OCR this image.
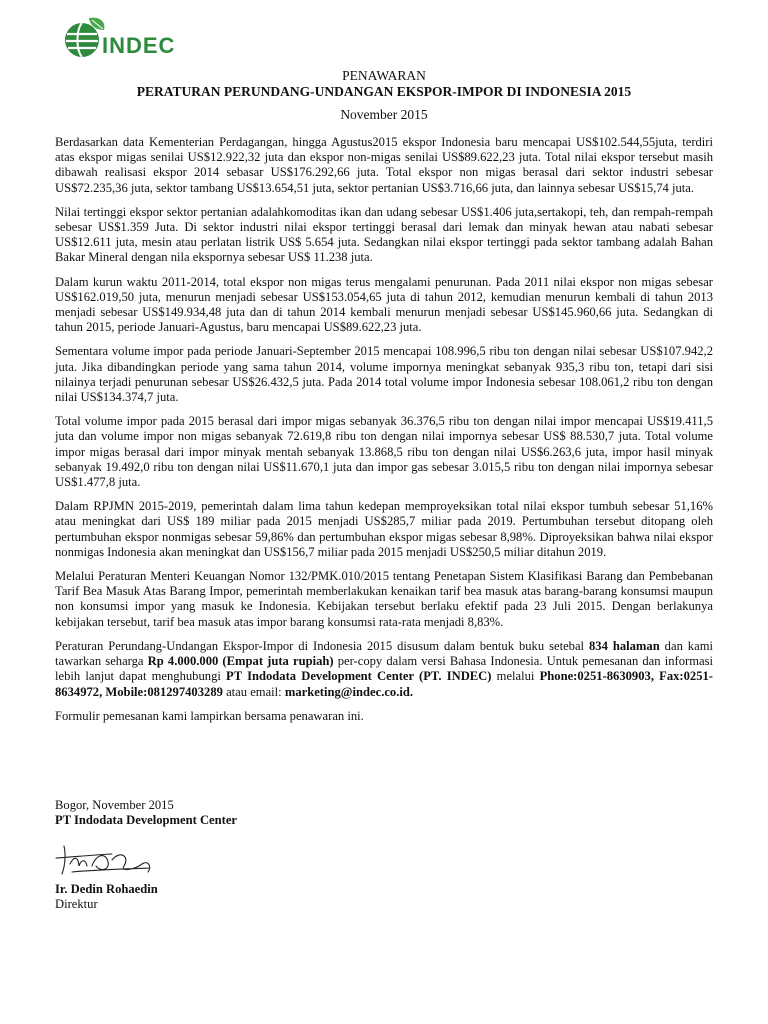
INDEC
PENAWARAN
PERATURAN PERUNDANG-UNDANGAN EKSPOR-IMPOR DI INDONESIA 2015
November 2015

Berdasarkan data Kementerian Perdagangan, hingga Agustus2015 ekspor Indonesia baru mencapai US$102.544,55juta, terdiri atas ekspor migas senilai US$12.922,32 juta dan ekspor non-migas senilai US$89.622,23 juta. Total nilai ekspor tersebut masih dibawah realisasi ekspor 2014 sebasar US$176.292,66 juta. Total ekspor non migas berasal dari sektor industri sebesar US$72.235,36 juta, sektor tambang US$13.654,51 juta, sektor pertanian US$3.716,66 juta, dan lainnya sebesar US$15,74 juta.

Nilai tertinggi ekspor sektor pertanian adalahkomoditas ikan dan udang sebesar US$1.406 juta,sertakopi, teh, dan rempah-rempah sebesar US$1.359 Juta. Di sektor industri nilai ekspor tertinggi berasal dari lemak dan minyak hewan atau nabati sebesar US$12.611 juta, mesin atau perlatan listrik US$ 5.654 juta. Sedangkan nilai ekspor tertinggi pada sektor tambang adalah Bahan Bakar Mineral dengan nila ekspornya sebesar US$ 11.238 juta.

Dalam kurun waktu 2011-2014, total ekspor non migas terus mengalami penurunan. Pada 2011 nilai ekspor non migas sebesar US$162.019,50 juta, menurun menjadi sebesar US$153.054,65 juta di tahun 2012, kemudian menurun kembali di tahun 2013 menjadi sebesar US$149.934,48 juta dan di tahun 2014 kembali menurun menjadi sebesar US$145.960,66 juta. Sedangkan di tahun 2015, periode Januari-Agustus, baru mencapai US$89.622,23 juta.

Sementara volume impor pada periode Januari-September 2015 mencapai 108.996,5 ribu ton dengan nilai sebesar US$107.942,2 juta. Jika dibandingkan periode yang sama tahun 2014, volume impornya meningkat sebanyak 935,3 ribu ton, tetapi dari sisi nilainya terjadi penurunan sebesar US$26.432,5 juta. Pada 2014 total volume impor Indonesia sebesar 108.061,2 ribu ton dengan nilai US$134.374,7 juta.

Total volume impor pada 2015 berasal dari impor migas sebanyak 36.376,5 ribu ton dengan nilai impor mencapai US$19.411,5 juta dan volume impor non migas sebanyak 72.619,8 ribu ton dengan nilai impornya sebesar US$ 88.530,7 juta. Total volume impor migas berasal dari impor minyak mentah sebanyak 13.868,5 ribu ton dengan nilai US$6.263,6 juta, impor hasil minyak sebanyak 19.492,0 ribu ton dengan nilai US$11.670,1 juta dan impor gas sebesar 3.015,5 ribu ton dengan nilai impornya sebesar US$1.477,8 juta.

Dalam RPJMN 2015-2019, pemerintah dalam lima tahun kedepan memproyeksikan total nilai ekspor tumbuh sebesar 51,16% atau meningkat dari US$ 189 miliar pada 2015 menjadi US$285,7 miliar pada 2019. Pertumbuhan tersebut ditopang oleh pertumbuhan ekspor nonmigas sebesar 59,86% dan pertumbuhan ekspor migas sebesar 8,98%. Diproyeksikan bahwa nilai ekspor nonmigas Indonesia akan meningkat dan US$156,7 miliar pada 2015 menjadi US$250,5 miliar ditahun 2019.

Melalui Peraturan Menteri Keuangan Nomor 132/PMK.010/2015 tentang Penetapan Sistem Klasifikasi Barang dan Pembebanan Tarif Bea Masuk Atas Barang Impor, pemerintah memberlakukan kenaikan tarif bea masuk atas barang-barang konsumsi maupun non konsumsi impor yang masuk ke Indonesia. Kebijakan tersebut berlaku efektif pada 23 Juli 2015. Dengan berlakunya kebijakan tersebut, tarif bea masuk atas impor barang konsumsi rata-rata menjadi 8,83%.

Peraturan Perundang-Undangan Ekspor-Impor di Indonesia 2015 disusum dalam bentuk buku setebal 834 halaman dan kami tawarkan seharga Rp 4.000.000 (Empat juta rupiah) per-copy dalam versi Bahasa Indonesia. Untuk pemesanan dan informasi lebih lanjut dapat menghubungi PT Indodata Development Center (PT. INDEC) melalui Phone:0251-8630903, Fax:0251-8634972, Mobile:081297403289 atau email: marketing@indec.co.id.

Formulir pemesanan kami lampirkan bersama penawaran ini.

Bogor, November 2015
PT Indodata Development Center
Ir. Dedin Rohaedin
Direktur
